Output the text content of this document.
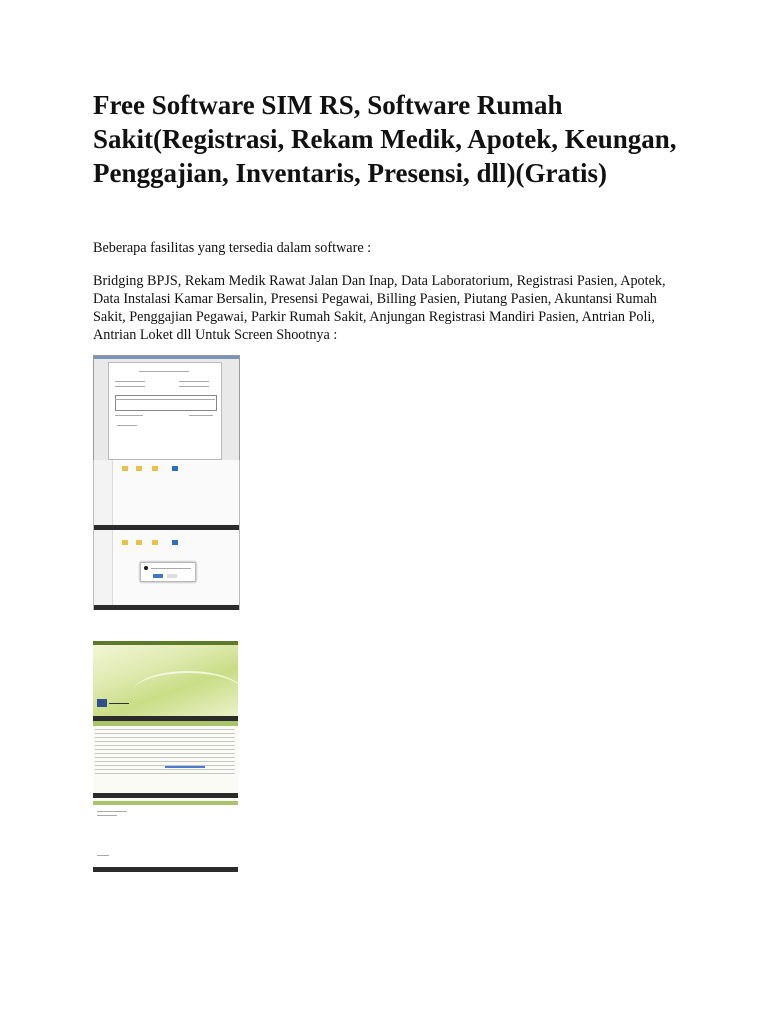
Free Software SIM RS, Software Rumah Sakit(Registrasi, Rekam Medik, Apotek, Keungan, Penggajian, Inventaris, Presensi, dll)(Gratis)

Beberapa fasilitas yang tersedia dalam software :

Bridging BPJS, Rekam Medik Rawat Jalan Dan Inap, Data Laboratorium, Registrasi Pasien, Apotek, Data Instalasi Kamar Bersalin, Presensi Pegawai, Billing Pasien, Piutang Pasien, Akuntansi Rumah Sakit, Penggajian Pegawai, Parkir Rumah Sakit, Anjungan Registrasi Mandiri Pasien, Antrian Poli, Antrian Loket dll Untuk Screen Shootnya :
